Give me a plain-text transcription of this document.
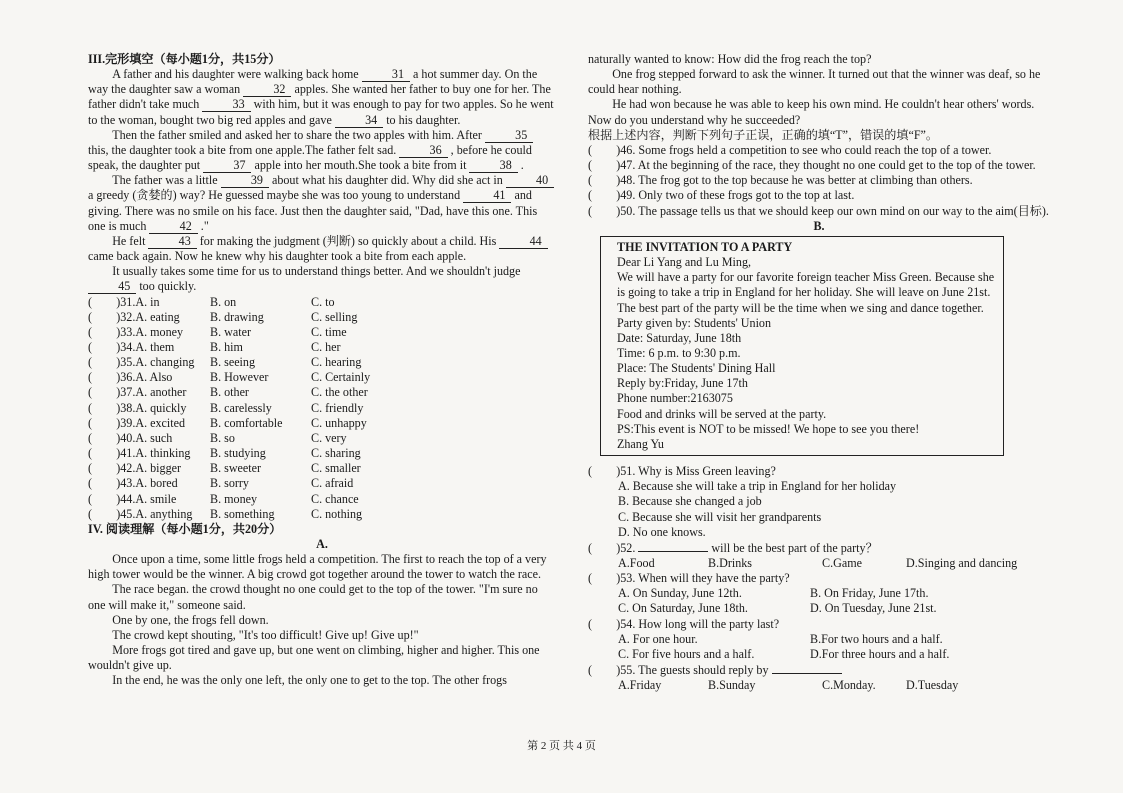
III.完形填空（每小题1分，共15分）

A father and his daughter were walking back home	31 a hot summer day. On the way the daughter saw a woman	32 apples. She wanted her father to buy one for her. The father didn't take much	33 with him, but it was enough to pay for two apples. So he went to the woman, bought two big red apples and gave	34 to his daughter.

Then the father smiled and asked her to share the two apples with him. After	35 this, the daughter took a bite from one apple.The father felt sad.	36 , before he could speak, the daughter put	37 apple into her mouth.She took a bite from it	38 .

The father was a little	39 about what his daughter did. Why did she act in	40 a greedy (贪婪的) way? He guessed maybe she was too young to understand	41 and giving. There was no smile on his face. Just then the daughter said, "Dad, have this one. This one is much	42 ."

He felt	43 for making the judgment (判断) so quickly about a child. His	44 came back again. Now he knew why his daughter took a bite from each apple.

It usually takes some time for us to understand things better. And we shouldn't judge 45 too quickly.

(　　)31.A. in	B. on	C. to
(　　)32.A. eating	B. drawing	C. selling
(　　)33.A. money	B. water	C. time
(　　)34.A. them	B. him	C. her
(　　)35.A. changing	B. seeing	C. hearing
(　　)36.A. Also	B. However	C. Certainly
(　　)37.A. another	B. other	C. the other
(　　)38.A. quickly	B. carelessly	C. friendly
(　　)39.A. excited	B. comfortable	C. unhappy
(　　)40.A. such	B. so	C. very
(　　)41.A. thinking	B. studying	C. sharing
(　　)42.A. bigger	B. sweeter	C. smaller
(　　)43.A. bored	B. sorry	C. afraid
(　　)44.A. smile	B. money	C. chance
(　　)45.A. anything	B. something	C. nothing

IV. 阅读理解（每小题1分，共20分）

A.

Once upon a time, some little frogs held a competition. The first to reach the top of a very high tower would be the winner. A big crowd got together around the tower to watch the race.

The race began. the crowd thought no one could get to the top of the tower. "I'm sure no one will make it," someone said.

One by one, the frogs fell down.

The crowd kept shouting, "It's too difficult! Give up! Give up!"

More frogs got tired and gave up, but one went on climbing, higher and higher. This one wouldn't give up.

In the end, he was the only one left, the only one to get to the top. The other frogs

naturally wanted to know: How did the frog reach the top?

One frog stepped forward to ask the winner. It turned out that the winner was deaf, so he could hear nothing.

He had won because he was able to keep his own mind. He couldn't hear others' words. Now do you understand why he succeeded?

根据上述内容，判断下列句子正误，正确的填“T”，错误的填“F”。

(　　)46. Some frogs held a competition to see who could reach the top of a tower.

(　　)47. At the beginning of the race, they thought no one could get to the top of the tower.

(　　)48. The frog got to the top because he was better at climbing than others.

(　　)49. Only two of these frogs got to the top at last.

(　　)50. The passage tells us that we should keep our own mind on our way to the aim(目标).

B.

THE INVITATION TO A PARTY

Dear Li Yang and Lu Ming,

We will have a party for our favorite foreign teacher Miss Green. Because she is going to take a trip in England for her holiday. She will leave on June 21st.

The best part of the party will be the time when we sing and dance together.

Party given by: Students' Union

Date: Saturday, June 18th

Time: 6 p.m. to 9:30 p.m.

Place: The Students' Dining Hall

Reply by:Friday, June 17th

Phone number:2163075

Food and drinks will be served at the party.

PS:This event is NOT to be missed! We hope to see you there!

Zhang Yu

(　　)51. Why is Miss Green leaving?

A. Because she will take a trip in England for her holiday

B. Because she changed a job

C. Because she will visit her grandparents

D. No one knows.

(　　)52.	will be the best part of the party？

A.Food	B.Drinks	C.Game	D.Singing and dancing

(　　)53. When will they have the party?

A. On Sunday, June 12th.	B. On Friday, June 17th.
C. On Saturday, June 18th.	D. On Tuesday, June 21st.

(　　)54. How long will the party last?

A. For one hour.	B.For two hours and a half.
C. For five hours and a half.	D.For three hours and a half.

(　　)55. The guests should reply by

A.Friday	B.Sunday	C.Monday.	D.Tuesday
第 2 页 共 4 页
